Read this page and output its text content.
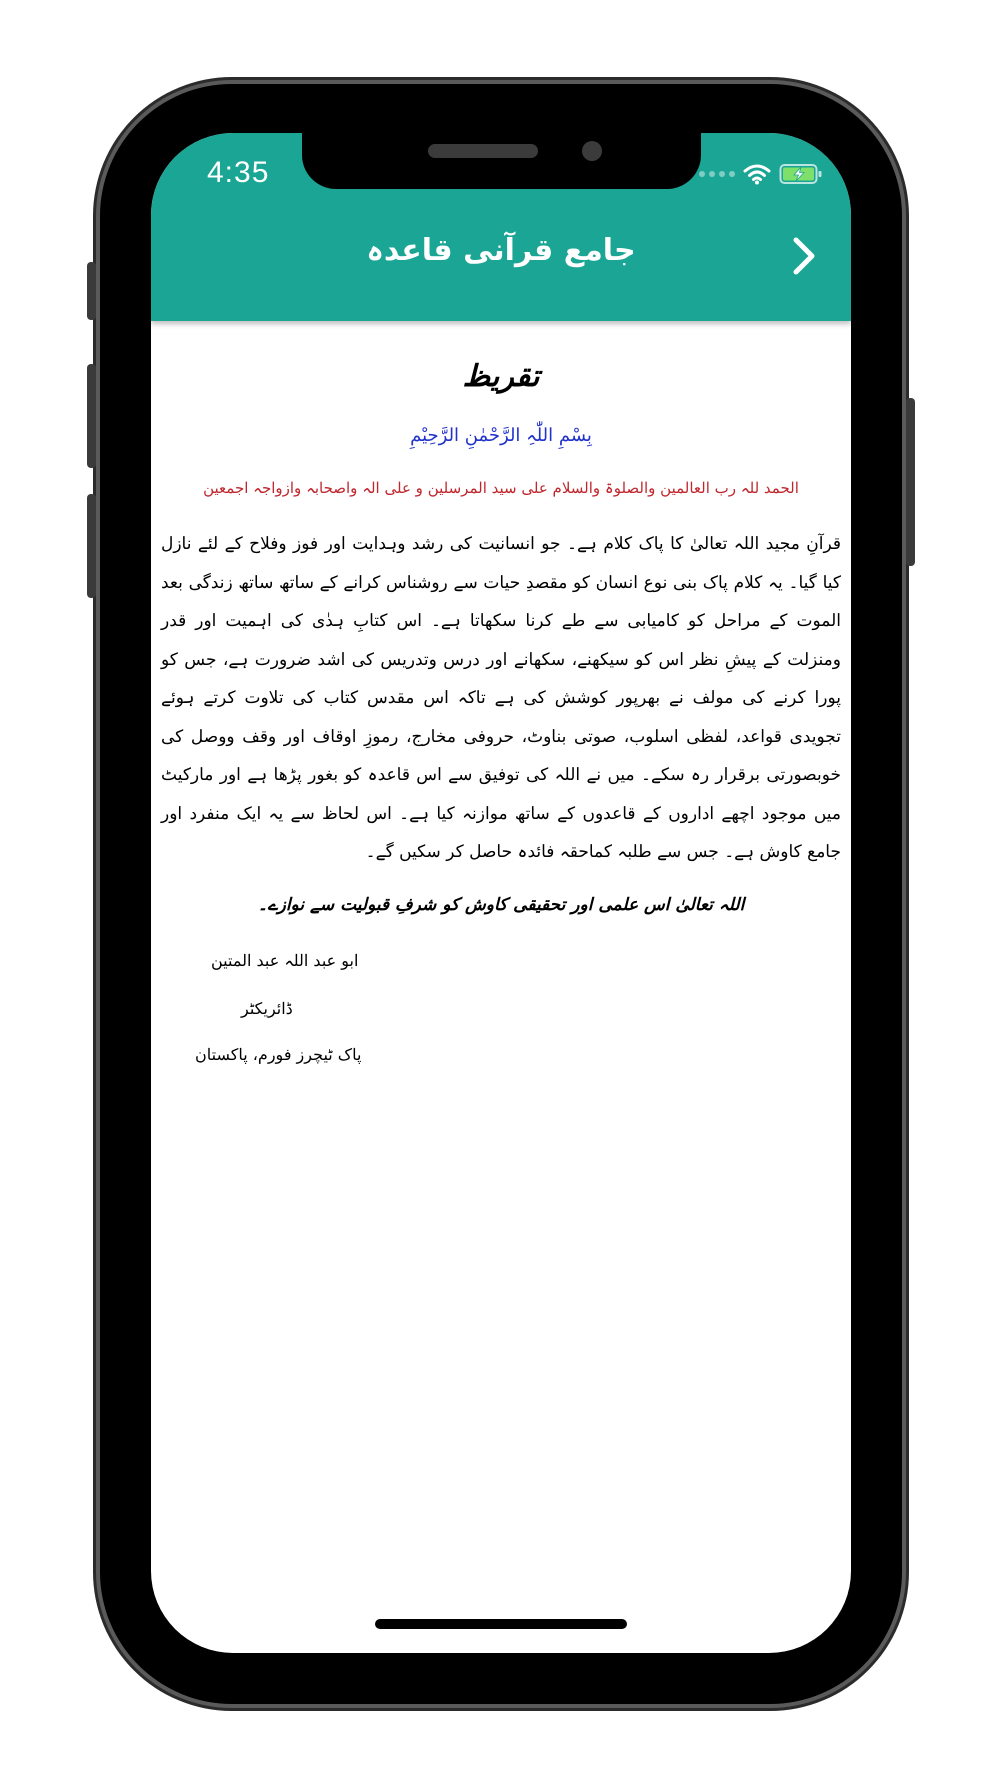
4:35
جامع قرآنی قاعدہ
تقریظ
بِسْمِ اللّٰہِ الرَّحْمٰنِ الرَّحِیْمِ
الحمد للہ رب العالمین والصلوۃ والسلام علی سید المرسلین و علی الہ واصحابہ وازواجہ اجمعین
قرآنِ مجید اللہ تعالیٰ کا پاک کلام ہے۔ جو انسانیت کی رشد وہدایت اور فوز وفلاح کے لئے نازل کیا گیا۔ یہ کلام پاک بنی نوع انسان کو مقصدِ حیات سے روشناس کرانے کے ساتھ ساتھ زندگی بعد الموت کے مراحل کو کامیابی سے طے کرنا سکھاتا ہے۔ اس کتابِ ہدٰی کی اہمیت اور قدر ومنزلت کے پیشِ نظر اس کو سیکھنے، سکھانے اور درس وتدریس کی اشد ضرورت ہے، جس کو پورا کرنے کی مولف نے بھرپور کوشش کی ہے تاکہ اس مقدس کتاب کی تلاوت کرتے ہوئے تجویدی قواعد، لفظی اسلوب، صوتی بناوٹ، حروفی مخارج، رموزِ اوقاف اور وقف ووصل کی خوبصورتی برقرار رہ سکے۔ میں نے اللہ کی توفیق سے اس قاعدہ کو بغور پڑھا ہے اور مارکیٹ میں موجود اچھے اداروں کے قاعدوں کے ساتھ موازنہ کیا ہے۔ اس لحاظ سے یہ ایک منفرد اور جامع کاوش ہے۔ جس سے طلبہ کماحقہ فائدہ حاصل کر سکیں گے۔
اللہ تعالیٰ اس علمی اور تحقیقی کاوش کو شرفِ قبولیت سے نوازے۔
ابو عبد اللہ عبد المتین
ڈائریکٹر
پاک ٹیچرز فورم، پاکستان
